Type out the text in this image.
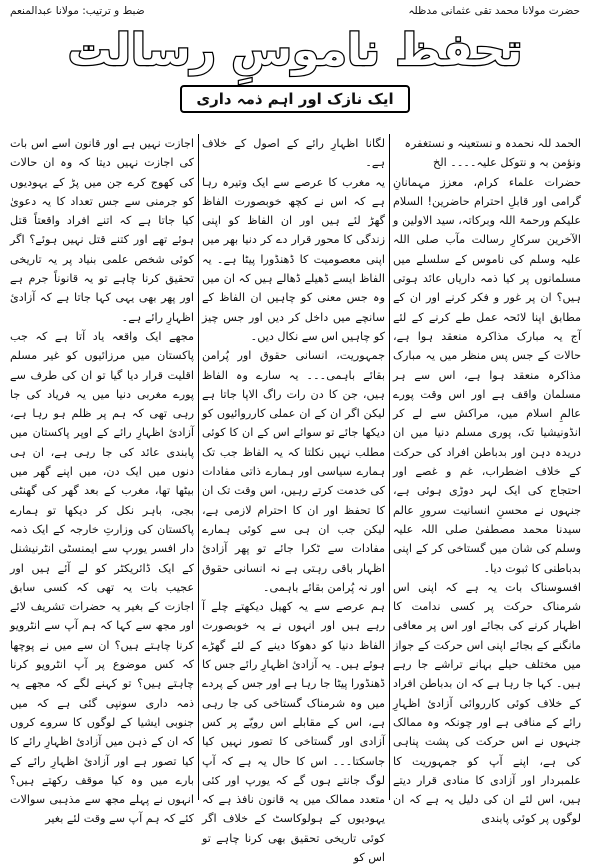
حضرت مولانا محمد تقی عثمانی مدظلہ
ضبط و ترتیب: مولانا عبدالمنعم
تحفظ ناموسِ رسالت
ایک نازک اور اہم ذمہ داری

الحمد للہ نحمدہ و نستعینہ و نستغفرہ

ونؤمن بہ و نتوکل علیہ۔۔۔۔ الخ

حضرات علماء کرام، معزز مہمانانِ گرامی اور قابلِ احترام حاضرین! السلام علیکم ورحمۃ اللہ وبرکاتہ، سید الاولین و الآخرین سرکارِ رسالت مآب صلی اللہ علیہ وسلم کی ناموس کے سلسلے میں مسلمانوں پر کیا ذمہ داریاں عائد ہوتی ہیں؟ ان پر غور و فکر کرنے اور ان کے مطابق اپنا لائحہ عمل طے کرنے کے لئے آج یہ مبارک مذاکرہ منعقد ہوا ہے، حالات کے جس پس منظر میں یہ مبارک مذاکرہ منعقد ہوا ہے، اس سے ہر مسلمان واقف ہے اور اس وقت پورے عالمِ اسلام میں، مراکش سے لے کر انڈونیشیا تک، پوری مسلم دنیا میں ان دریدہ دہن اور بدباطن افراد کی حرکت کے خلاف اضطراب، غم و غصے اور احتجاج کی ایک لہر دوڑی ہوئی ہے، جنہوں نے محسنِ انسانیت سرورِ عالم سیدنا محمد مصطفیٰ صلی اللہ علیہ وسلم کی شان میں گستاخی کر کے اپنی بدباطنی کا ثبوت دیا۔

افسوسناک بات یہ ہے کہ اپنی اس شرمناک حرکت پر کسی ندامت کا اظہار کرنے کی بجائے اور اس پر معافی مانگنے کے بجائے اپنی اس حرکت کے جواز میں مختلف حیلے بہانے تراشے جا رہے ہیں۔ کہا جا رہا ہے کہ ان بدباطن افراد کے خلاف کوئی کارروائی آزادیٔ اظہارِ رائے کے منافی ہے اور چونکہ وہ ممالک جنہوں نے اس حرکت کی پشت پناہی کی ہے، اپنے آپ کو جمہوریت کا علمبردار اور آزادی کا منادی قرار دیتے ہیں، اس لئے ان کی دلیل یہ ہے کہ ان لوگوں پر کوئی پابندی

لگانا اظہارِ رائے کے اصول کے خلاف ہے۔

یہ مغرب کا عرصے سے ایک وتیرہ رہا ہے کہ اس نے کچھ خوبصورت الفاظ گھڑ لئے ہیں اور ان الفاظ کو اپنی زندگی کا محور قرار دے کر دنیا بھر میں اپنی معصومیت کا ڈھنڈورا پیٹا ہے۔ یہ الفاظ ایسے ڈھیلے ڈھالے ہیں کہ ان میں وہ جس معنی کو چاہیں ان الفاظ کے سانچے میں داخل کر دیں اور جس چیز کو چاہیں اس سے نکال دیں۔

جمہوریت، انسانی حقوق اور پُرامن بقائے باہمی۔۔۔ یہ سارے وہ الفاظ ہیں، جن کا دن رات راگ الاپا جاتا ہے لیکن اگر ان کے ان عملی کارروائیوں کو دیکھا جائے تو سوائے اس کے ان کا کوئی مطلب نہیں نکلتا کہ یہ الفاظ جب تک ہمارے سیاسی اور ہمارے ذاتی مفادات کی خدمت کرتے رہیں، اس وقت تک ان کا تحفظ اور ان کا احترام لازمی ہے، لیکن جب ان ہی سے کوئی ہمارے مفادات سے ٹکرا جائے تو پھر آزادیٔ اظہار باقی رہتی ہے نہ انسانی حقوق اور نہ پُرامن بقائے باہمی۔

ہم عرصے سے یہ کھیل دیکھتے چلے آ رہے ہیں اور انہوں نے یہ خوبصورت الفاظ دنیا کو دھوکا دینے کے لئے گھڑے ہوئے ہیں۔ یہ آزادیٔ اظہارِ رائے جس کا ڈھنڈورا پیٹا جا رہا ہے اور جس کے پردے میں وہ شرمناک گستاخی کی جا رہی ہے، اس کے مقابلے اس رویّے پر کس آزادی اور گستاخی کا تصور نہیں کیا جاسکتا۔۔۔ اس کا حال یہ ہے کہ آپ لوگ جانتے ہوں گے کہ یورپ اور کئی متعدد ممالک میں یہ قانون نافذ ہے کہ یہودیوں کے ہولوکاسٹ کے خلاف اگر کوئی تاریخی تحقیق بھی کرنا چاہے تو اس کو

اجازت نہیں ہے اور قانون اسے اس بات کی اجازت نہیں دیتا کہ وہ ان حالات کی کھوج کرے جن میں پڑ کے یہودیوں کو جرمنی سے جس تعداد کا یہ دعویٰ کیا جاتا ہے کہ اتنے افراد واقعتاً قتل ہوئے تھے اور کتنے قتل نہیں ہوئے؟ اگر کوئی شخص علمی بنیاد پر یہ تاریخی تحقیق کرنا چاہے تو یہ قانوناً جرم ہے اور پھر بھی یہی کہا جاتا ہے کہ آزادیٔ اظہارِ رائے ہے۔

مجھے ایک واقعہ یاد آتا ہے کہ جب پاکستان میں مرزائیوں کو غیر مسلم اقلیت قرار دیا گیا تو ان کی طرف سے پورے مغربی دنیا میں یہ فریاد کی جا رہی تھی کہ ہم پر ظلم ہو رہا ہے، آزادیٔ اظہارِ رائے کے اوپر پاکستان میں پابندی عائد کی جا رہی ہے، ان ہی دنوں میں ایک دن، میں اپنے گھر میں بیٹھا تھا، مغرب کے بعد گھر کی گھنٹی بجی، باہر نکل کر دیکھا تو ہمارے پاکستان کی وزارتِ خارجہ کے ایک ذمہ دار افسر یورپ سے ایمنسٹی انٹرنیشنل کے ایک ڈائریکٹر کو لے آئے ہیں اور عجیب بات یہ تھی کہ کسی سابق اجازت کے بغیر یہ حضرات تشریف لائے اور مجھ سے کہا کہ ہم آپ سے انٹرویو کرنا چاہتے ہیں؟ ان سے میں نے پوچھا کہ کس موضوع پر آپ انٹرویو کرنا چاہتے ہیں؟ تو کہنے لگے کہ مجھے یہ ذمہ داری سونپی گئی ہے کہ میں جنوبی ایشیا کے لوگوں کا سروے کروں کہ ان کے ذہن میں آزادیٔ اظہارِ رائے کا کیا تصور ہے اور آزادیٔ اظہارِ رائے کے بارے میں وہ کیا موقف رکھتے ہیں؟ انہوں نے پہلے مجھ سے مذہبی سوالات کئے کہ ہم آپ سے وقت لئے بغیر
